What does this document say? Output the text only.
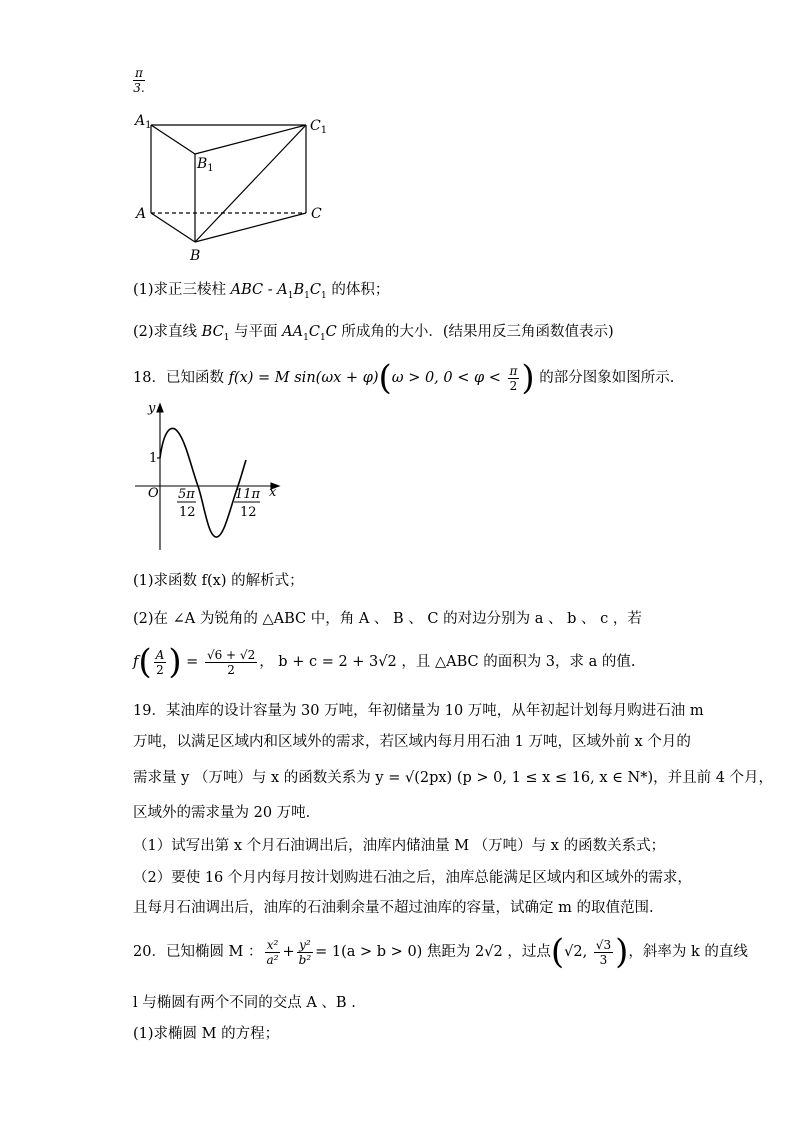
$\frac{\pi}{3.}$
$A_1$
$B_1$
$C_1$
A	C
B
(1)求正三棱柱 ABC - $A_1B_1C_1$ 的体积；
(2)求直线 $BC_1$ 与平面 $AA_1C_1C$ 所成角的大小．(结果用反三角函数值表示)
18．已知函数 f(x) = M sin(ωx + φ)(ω > 0, $0 < \varphi < \frac{\pi}{2}$ ) 的部分图象如图所示.
y
x
O
1
5π
12
11π
12
(1)求函数 f(x) 的解析式；
(2)在 ∠A 为锐角的 △ABC 中，角 A 、 B 、 C 的对边分别为 a 、 b 、 c ，若
$f( \frac{A}{2}$ ) = $\frac{√6 + √2}{2}$ ， b + c = 2 + 3√2 ，且 △ABC 的面积为 3，求 a 的值.
19．某油库的设计容量为 30 万吨，年初储量为 10 万吨，从年初起计划每月购进石油 m
万吨，以满足区域内和区域外的需求，若区域内每月用石油 1 万吨，区域外前 x 个月的
需求量 y （万吨）与 x 的函数关系为 y = √(2px) (p > 0, 1 ≤ x ≤ 16, x ∈ N*)，并且前 4 个月，
区域外的需求量为 20 万吨．
（1）试写出第 x 个月石油调出后，油库内储油量 M （万吨）与 x 的函数关系式；
（2）要使 16 个月内每月按计划购进石油之后，油库总能满足区域内和区域外的需求，
且每月石油调出后，油库的石油剩余量不超过油库的容量，试确定 m 的取值范围.
20．已知椭圆 M ： $\frac{\text{x²}}{\text{a²}} + \frac{\text{y²}}{\text{b²}} = 1(a > b > 0)$ 焦距为 2√2 ，过点(√2, $\frac{√3}{3}$ )，斜率为 k 的直线
l 与椭圆有两个不同的交点 A 、B .
(1)求椭圆 M 的方程；
